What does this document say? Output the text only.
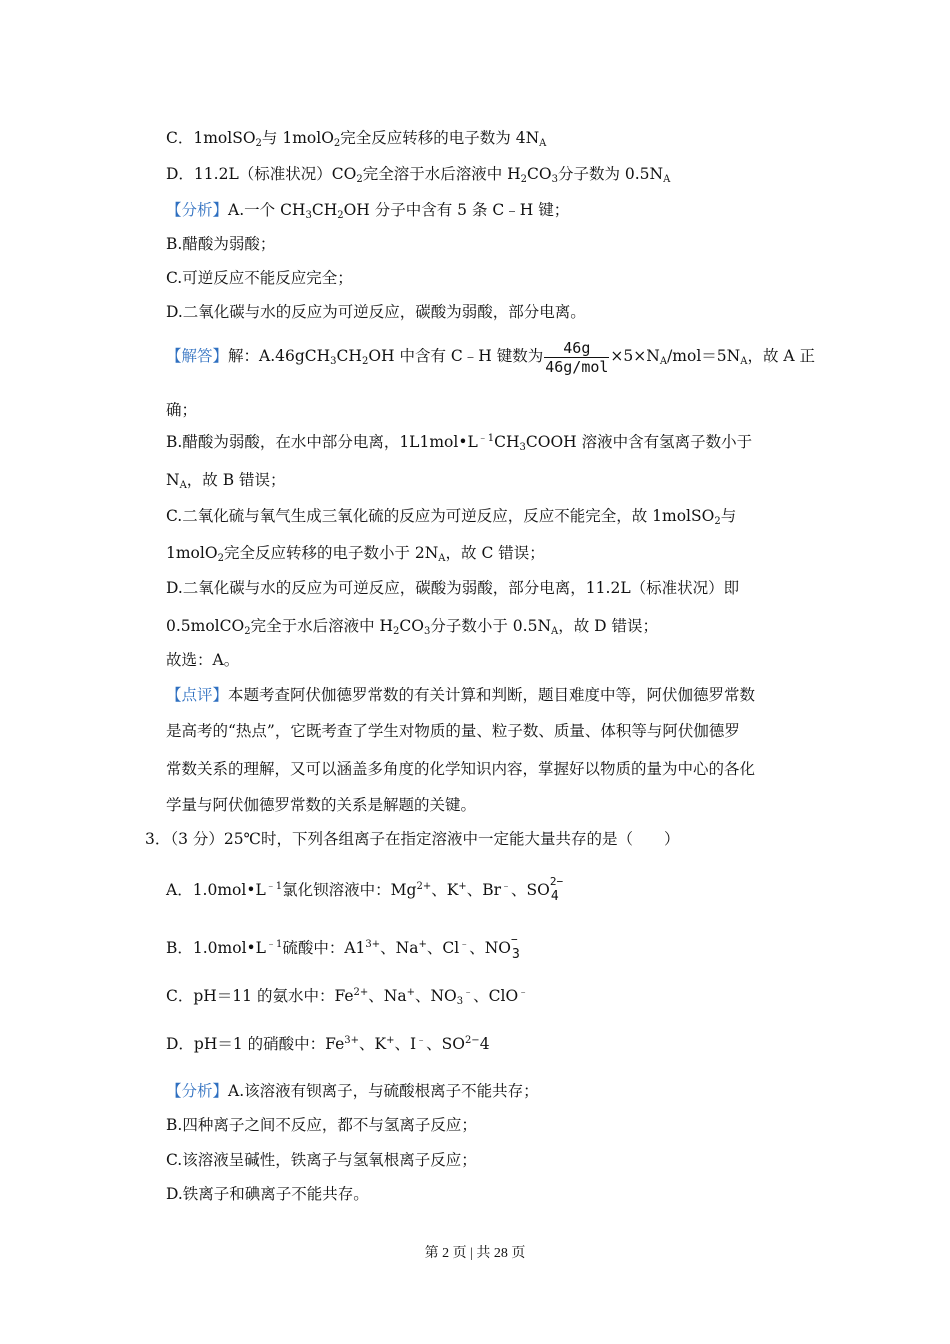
C．1molSO$_2$与 1molO$_2$完全反应转移的电子数为 $4N_A$
D．11.2L（标准状况）$CO_2$完全溶于水后溶液中 $H_2CO_3$分子数为 $0.5N_A$
【分析】A.一个 $CH_3CH_2OH$ 分子中含有 5 条 C﹣H 键；
B.醋酸为弱酸；
C.可逆反应不能反应完全；
D.二氧化碳与水的反应为可逆反应，碳酸为弱酸，部分电离。
【解答】解：$A.46gCH_3CH_2OH$ 中含有 C﹣H 键数为 $\frac{46g}{\text{46g/mol}} \times 5\times N_A/mol=5N_A$，故 A 正
确；
B.醋酸为弱酸，在水中部分电离，$1L1mol•L^{﹣1}CH_3COOH$ 溶液中含有氢离子数小于
$N_A$，故 B 错误；
C.二氧化硫与氧气生成三氧化硫的反应为可逆反应，反应不能完全，故 1molSO$_2$与
1molO$_2$完全反应转移的电子数小于 $2N_A$，故 C 错误；
D.二氧化碳与水的反应为可逆反应，碳酸为弱酸，部分电离，11.2L（标准状况）即
0.5molCO$_2$完全于水后溶液中 $H_2CO_3$分子数小于 $0.5N_A$，故 D 错误；
故选：A。
【点评】本题考查阿伏伽德罗常数的有关计算和判断，题目难度中等，阿伏伽德罗常数
是高考的“热点”，它既考查了学生对物质的量、粒子数、质量、体积等与阿伏伽德罗
常数关系的理解，又可以涵盖多角度的化学知识内容，掌握好以物质的量为中心的各化
学量与阿伏伽德罗常数的关系是解题的关键。
3．（3 分）25℃时，下列各组离子在指定溶液中一定能大量共存的是（　　）
A．$1.0mol•L^{﹣1}$氯化钡溶液中：$Mg^{2+}$、K+、Br﹣、SO 2−
4
B．$1.0mol•L^{﹣1}$硫酸中：$A1^{3+}$、Na+、Cl﹣、NO −
3
C．pH＝11 的氨水中：$Fe^{2+}$、Na+、$NO_3^﹣$、ClO﹣
D．pH＝1 的硝酸中：$Fe^{3+}$、K+、I﹣、$SO^{2-}4$
【分析】A.该溶液有钡离子，与硫酸根离子不能共存；
B.四种离子之间不反应，都不与氢离子反应；
C.该溶液呈碱性，铁离子与氢氧根离子反应；
D.铁离子和碘离子不能共存。
第 2 页 | 共 28 页
